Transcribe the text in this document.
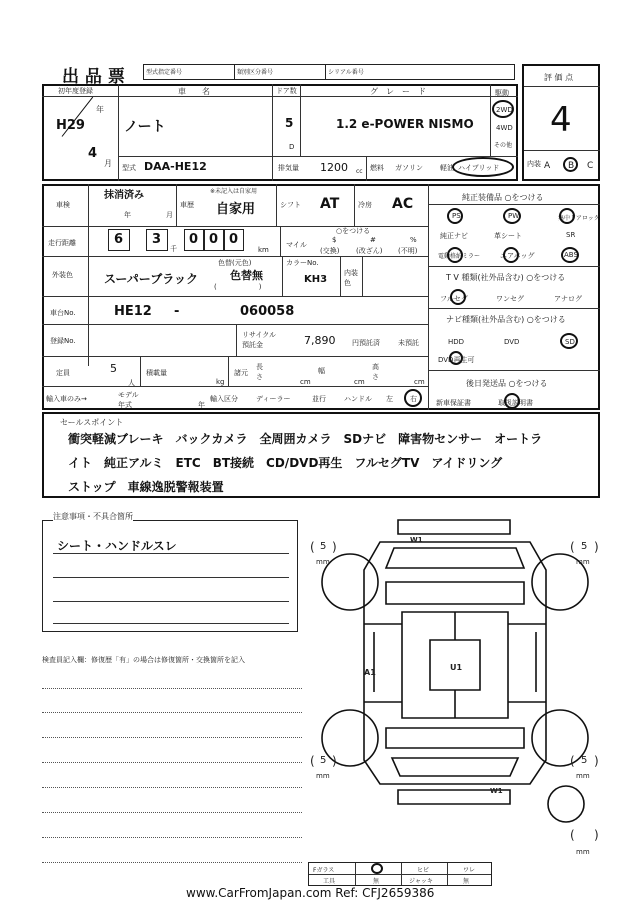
出 品 票	型式指定番号	類別区分番号	シリアル番号
評 価 点
4
内装 A B C
初年度登録
H29
年
4
月
車　　名
ノート
ドア数
5
D
グ　レ　ー　ド
1.2 e-POWER NISMO
駆動
2WD
4WD
その他
型式 DAA-HE12	排気量 1200 cc 燃料 ガソリン 軽油 ハイブリッド
車検
抹消済み
年	月
車歴
※未記入は自家用
自家用	シフト AT	冷房 AC
走行距離	6 3
千
0 0 0
km
マイル
○をつける
$
(交換)
#
(改ざん)
%
(不明)
外装色	スーパーブラック
色替(元色)
色替無
(　　　　　　)
カラーNo.
KH3
内装色
車台No.	HE12 -	060058
登録No.
リサイクル預託金	7,890 円預託済	未預託
定員	5
人
積載量
kg
諸元
長さ
cm
幅
cm
高さ
cm
輸入車のみ→	モデル年式	年
輸入区分	ディーラー	並行	ハンドル 左 右
純正装備品 ○をつける
PS	PW	集中ドアロック
純正ナビ	革シート	SR
電動格納ミラー	エアバッグ	ABS
T V 種類(社外品含む) ○をつける
フルセグ	ワンセグ	アナログ
ナビ種類(社外品含む) ○をつける
HDD	DVD	SD
DVD再生可
後日発送品 ○をつける
新車保証書	取扱説明書
セールスポイント
衝突軽減ブレーキ　バックカメラ　全周囲カメラ　SDナビ　障害物センサー　オートラ
イト　純正アルミ　ETC　BT接続　CD/DVD再生　フルセグTV　アイドリング
ストップ　車線逸脱警報装置
注意事項・不具合箇所
シート・ハンドルスレ
検査員記入欄：修復歴「有」の場合は修復箇所・交換箇所を記入
W1
A1
U1
W1
( 5 )
mm
( 5 )
mm
( 5 )
mm
( 5 )
mm
( )
mm
Fガラス	ヒビ	ワレ
工具	無	ジャッキ	無
www.CarFromJapan.com Ref: CFJ2659386
